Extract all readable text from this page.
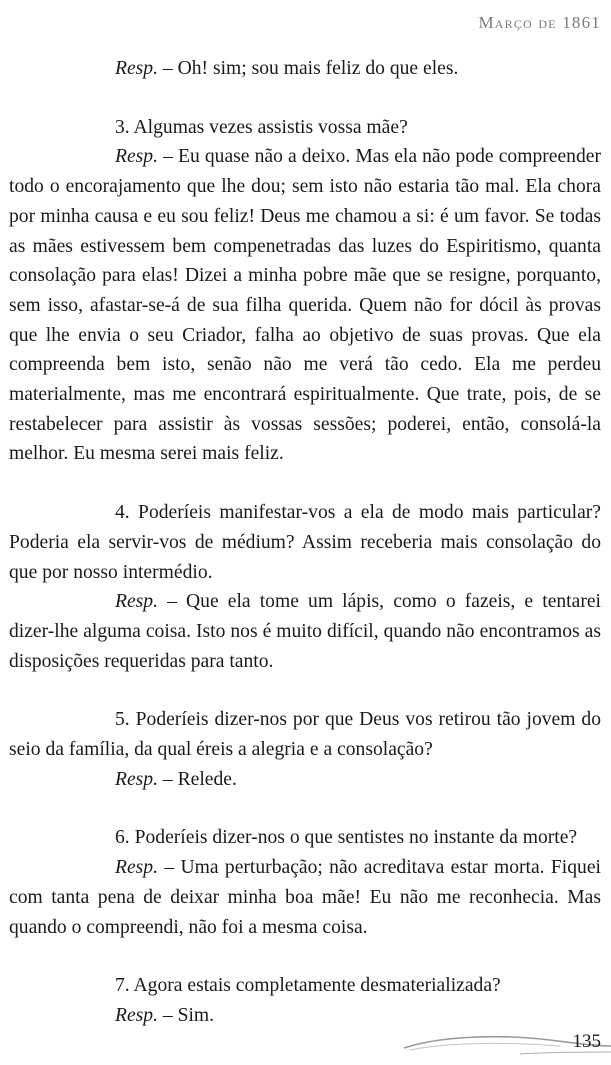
Março de 1861

Resp. – Oh! sim; sou mais feliz do que eles.

3. Algumas vezes assistis vossa mãe?

Resp. – Eu quase não a deixo. Mas ela não pode compreender todo o encorajamento que lhe dou; sem isto não estaria tão mal. Ela chora por minha causa e eu sou feliz! Deus me chamou a si: é um favor. Se todas as mães estivessem bem compenetradas das luzes do Espiritismo, quanta consolação para elas! Dizei a minha pobre mãe que se resigne, porquanto, sem isso, afastar-se-á de sua filha querida. Quem não for dócil às provas que lhe envia o seu Criador, falha ao objetivo de suas provas. Que ela compreenda bem isto, senão não me verá tão cedo. Ela me perdeu materialmente, mas me encontrará espiritualmente. Que trate, pois, de se restabelecer para assistir às vossas sessões; poderei, então, consolá-la melhor. Eu mesma serei mais feliz.

4. Poderíeis manifestar-vos a ela de modo mais particular? Poderia ela servir-vos de médium? Assim receberia mais consolação do que por nosso intermédio.

Resp. – Que ela tome um lápis, como o fazeis, e tentarei dizer-lhe alguma coisa. Isto nos é muito difícil, quando não encontramos as disposições requeridas para tanto.

5. Poderíeis dizer-nos por que Deus vos retirou tão jovem do seio da família, da qual éreis a alegria e a consolação?

Resp. – Relede.

6. Poderíeis dizer-nos o que sentistes no instante da morte?

Resp. – Uma perturbação; não acreditava estar morta. Fiquei com tanta pena de deixar minha boa mãe! Eu não me reconhecia. Mas quando o compreendi, não foi a mesma coisa.

7. Agora estais completamente desmaterializada?

Resp. – Sim.

135
